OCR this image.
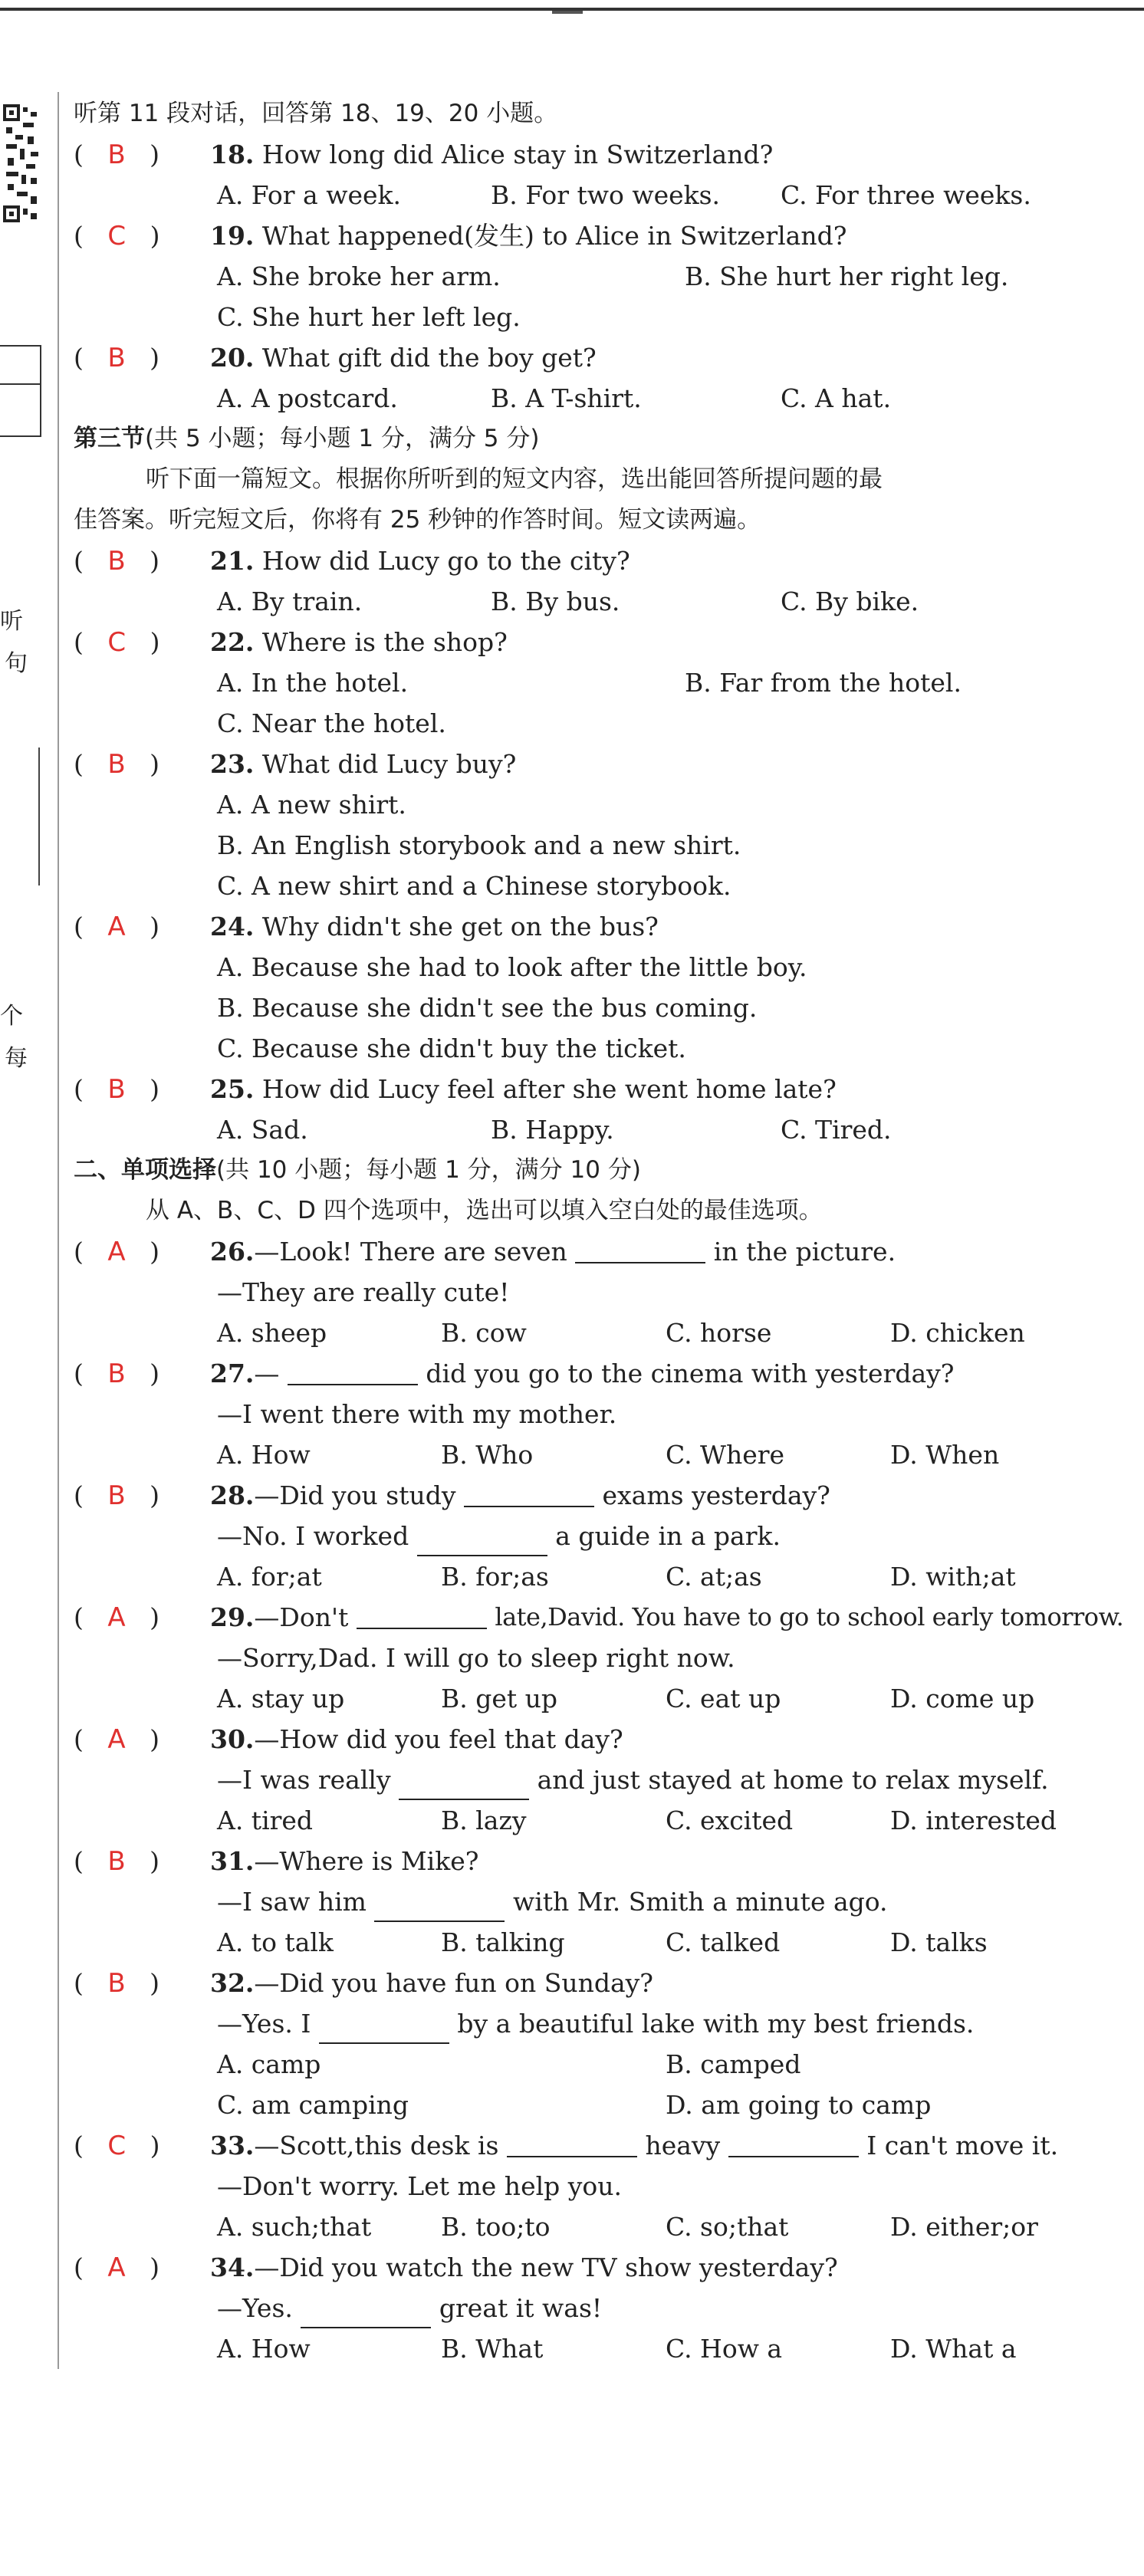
听
句
个
每
听第 11 段对话，回答第 18、19、20 小题。
(   B   )	18.
How long did Alice stay in Switzerland?

A. For a week.

	B. For two weeks.

C. For three weeks.

(   C   )	19.
What happened(发生) to Alice in Switzerland?

A. She broke her arm.

	B. She hurt her right leg.

C. She hurt her left leg.
(   B   )	20.
What gift did the boy get?

A. A postcard.

	B. A T-shirt.

	C. A hat.

第三节(共 5 小题；每小题 1 分，满分 5 分)
听下面一篇短文。根据你所听到的短文内容，选出能回答所提问题的最
佳答案。听完短文后，你将有 25 秒钟的作答时间。短文读两遍。
(   B   )	21.
How did Lucy go to the city?

A. By train.

	B. By bus.

	C. By bike.

(   C   )	22.
Where is the shop?

A. In the hotel.

	B. Far from the hotel.

C. Near the hotel.
(   B   )	23.
What did Lucy buy?
A. A new shirt.
B. An English storybook and a new shirt.
C. A new shirt and a Chinese storybook.
(   A   )	24.
Why didn't she get on the bus?
A. Because she had to look after the little boy.
B. Because she didn't see the bus coming.
C. Because she didn't buy the ticket.
(   B   )	25.
How did Lucy feel after she went home late?

A. Sad.

	B. Happy.

	C. Tired.

二、单项选择(共 10 小题；每小题 1 分，满分 10 分)
从 A、B、C、D 四个选项中，选出可以填入空白处的最佳选项。
(   A   )	26. —Look! There are seven

	in the picture.
—They are really cute!

A. sheep

	B. cow

	C. horse

	D. chicken

(   B   )	27. —

	did you go to the cinema with yesterday?
—I went there with my mother.

A. How

	B. Who

	C. Where

	D. When

(   B   )	28. —Did you study

	exams yesterday?
—No. I worked	a guide in a park.

A. for;at

	B. for;as

	C. at;as

	D. with;at

(   A   )	29. —Don't

	late,David. You have to go to school early tomorrow.
—Sorry,Dad. I will go to sleep right now.

A. stay up

	B. get up

	C. eat up

	D. come up

(   A   )	30. —How did you feel that day?
—I was really	and just stayed at home to relax myself.

A. tired

	B. lazy

	C. excited

	D. interested

(   B   )	31. —Where is Mike?
—I saw him	with Mr. Smith a minute ago.

A. to talk

	B. talking

	C. talked

	D. talks

(   B   )	32. —Did you have fun on Sunday?
—Yes. I	by a beautiful lake with my best friends.

A. camp

	B. camped

C. am camping

	D. am going to camp

(   C   )	33. —Scott,this desk is

	heavy

	I can't move it.
—Don't worry. Let me help you.

A. such;that

	B. too;to

	C. so;that

	D. either;or

(   A   )	34. —Did you watch the new TV show yesterday?
—Yes.	great it was!

A. How

	B. What

	C. How a

	D. What a
